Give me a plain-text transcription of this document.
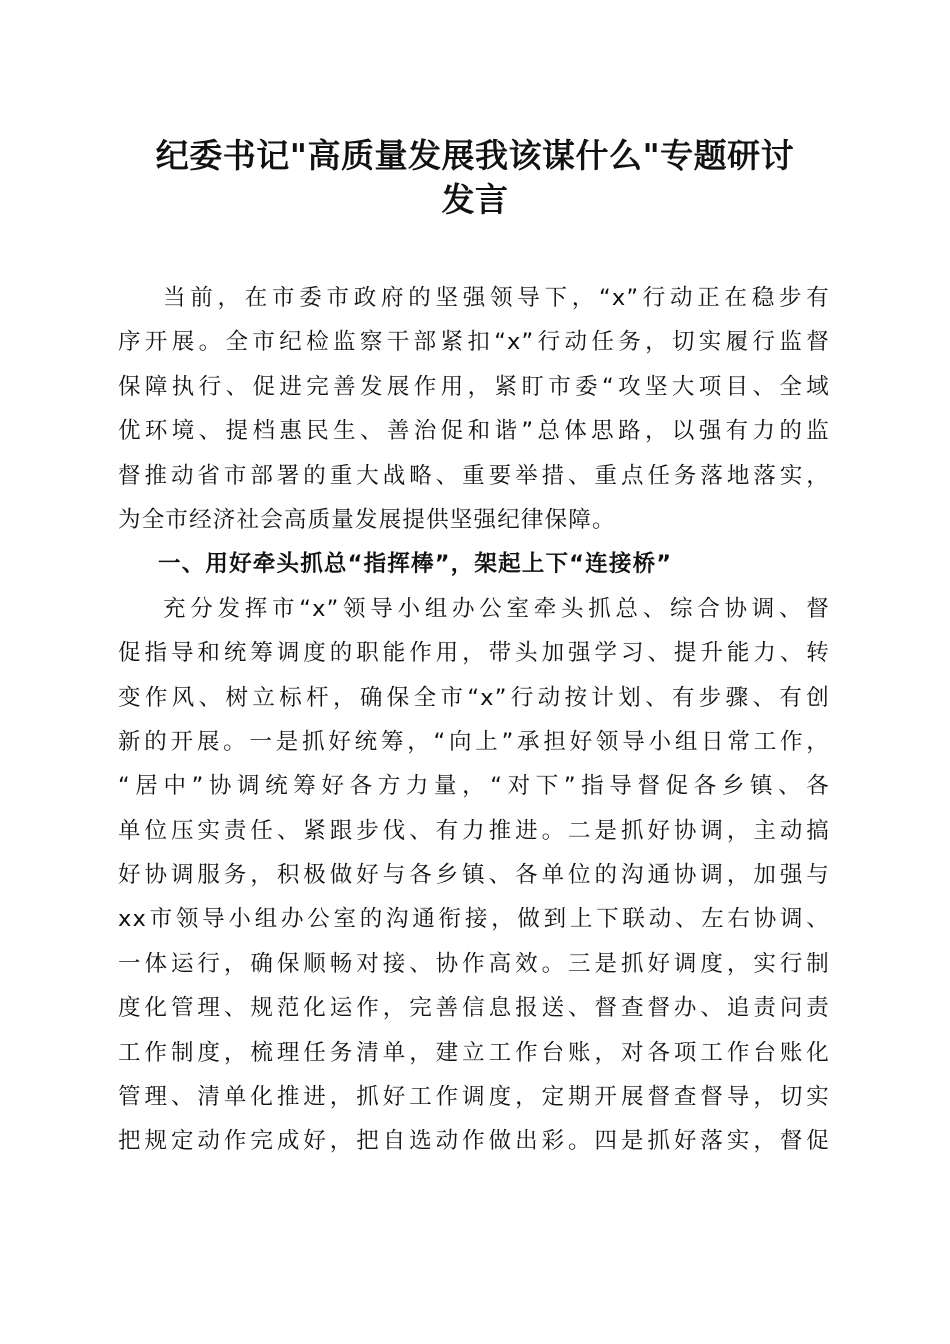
纪委书记"高质量发展我该谋什么"专题研讨
发言
当前，在市委市政府的坚强领导下，“x”行动正在稳步有
序开展。全市纪检监察干部紧扣“x”行动任务，切实履行监督
保障执行、促进完善发展作用，紧盯市委“攻坚大项目、全域
优环境、提档惠民生、善治促和谐”总体思路，以强有力的监
督推动省市部署的重大战略、重要举措、重点任务落地落实，
为全市经济社会高质量发展提供坚强纪律保障。
一、用好牵头抓总“指挥棒”，架起上下“连接桥”
充分发挥市“x”领导小组办公室牵头抓总、综合协调、督
促指导和统筹调度的职能作用，带头加强学习、提升能力、转
变作风、树立标杆，确保全市“x”行动按计划、有步骤、有创
新的开展。一是抓好统筹，“向上”承担好领导小组日常工作，
“居中”协调统筹好各方力量，“对下”指导督促各乡镇、各
单位压实责任、紧跟步伐、有力推进。二是抓好协调，主动搞
好协调服务，积极做好与各乡镇、各单位的沟通协调，加强与
xx市领导小组办公室的沟通衔接，做到上下联动、左右协调、
一体运行，确保顺畅对接、协作高效。三是抓好调度，实行制
度化管理、规范化运作，完善信息报送、督查督办、追责问责
工作制度，梳理任务清单，建立工作台账，对各项工作台账化
管理、清单化推进，抓好工作调度，定期开展督查督导，切实
把规定动作完成好，把自选动作做出彩。四是抓好落实，督促
